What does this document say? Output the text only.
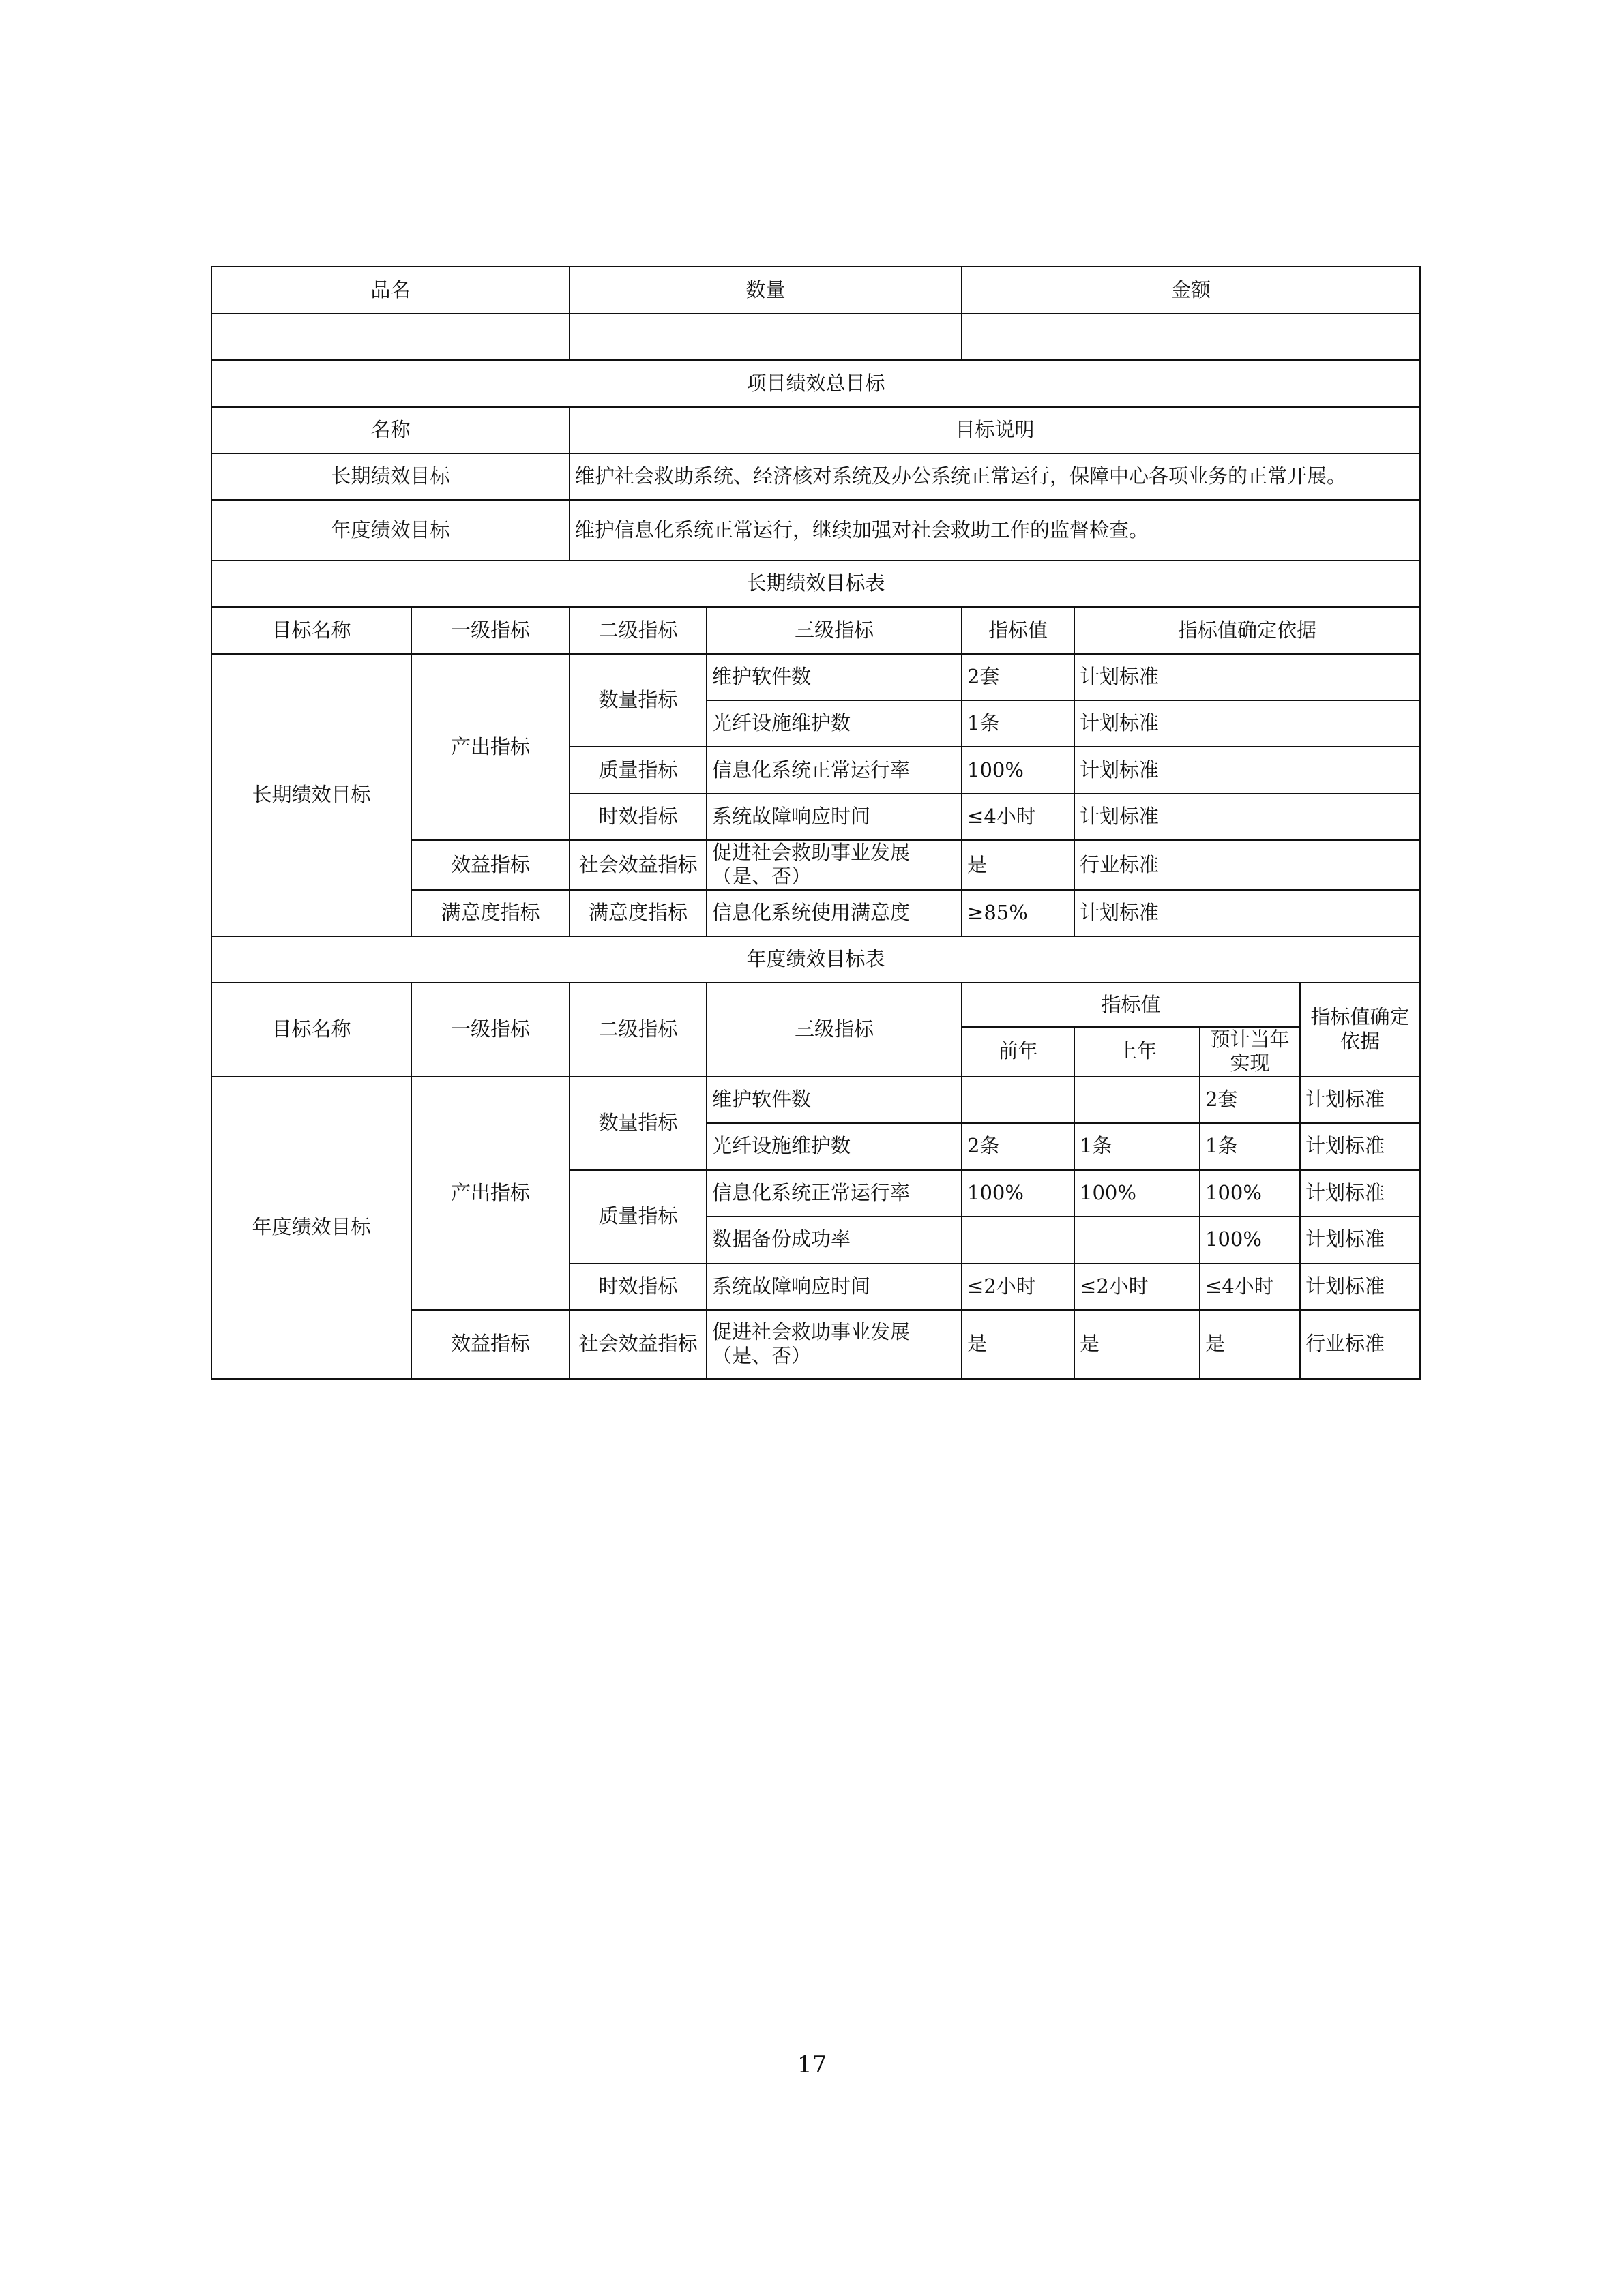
品名		数量		金额			

项目绩效总目标							
名称		目标说明					
长期绩效目标		维护社会救助系统、经济核对系统及办公系统正常运行，保障中心各项业务的正常开展。					
年度绩效目标		维护信息化系统正常运行，继续加强对社会救助工作的监督检查。					
长期绩效目标表							
目标名称	一级指标	二级指标	三级指标	指标值	指标值确定依据		
长期绩效目标	产出指标	数量指标	维护软件数	2套	计划标准		
			光纤设施维护数	1条	计划标准		
		质量指标	信息化系统正常运行率	100%	计划标准		
		时效指标	系统故障响应时间	≤4小时	计划标准		
	效益指标	社会效益指标	促进社会救助事业发展（是、否）	是	行业标准		
	满意度指标	满意度指标	信息化系统使用满意度	≥85%	计划标准		
年度绩效目标表							
目标名称	一级指标	二级指标	三级指标	指标值			指标值确定依据
				前年	上年	预计当年实现	
年度绩效目标	产出指标	数量指标	维护软件数			2套	计划标准
			光纤设施维护数	2条	1条	1条	计划标准
		质量指标	信息化系统正常运行率	100%	100%	100%	计划标准
			数据备份成功率			100%	计划标准
		时效指标	系统故障响应时间	≤2小时	≤2小时	≤4小时	计划标准
	效益指标	社会效益指标	促进社会救助事业发展（是、否）	是	是	是	行业标准
17
